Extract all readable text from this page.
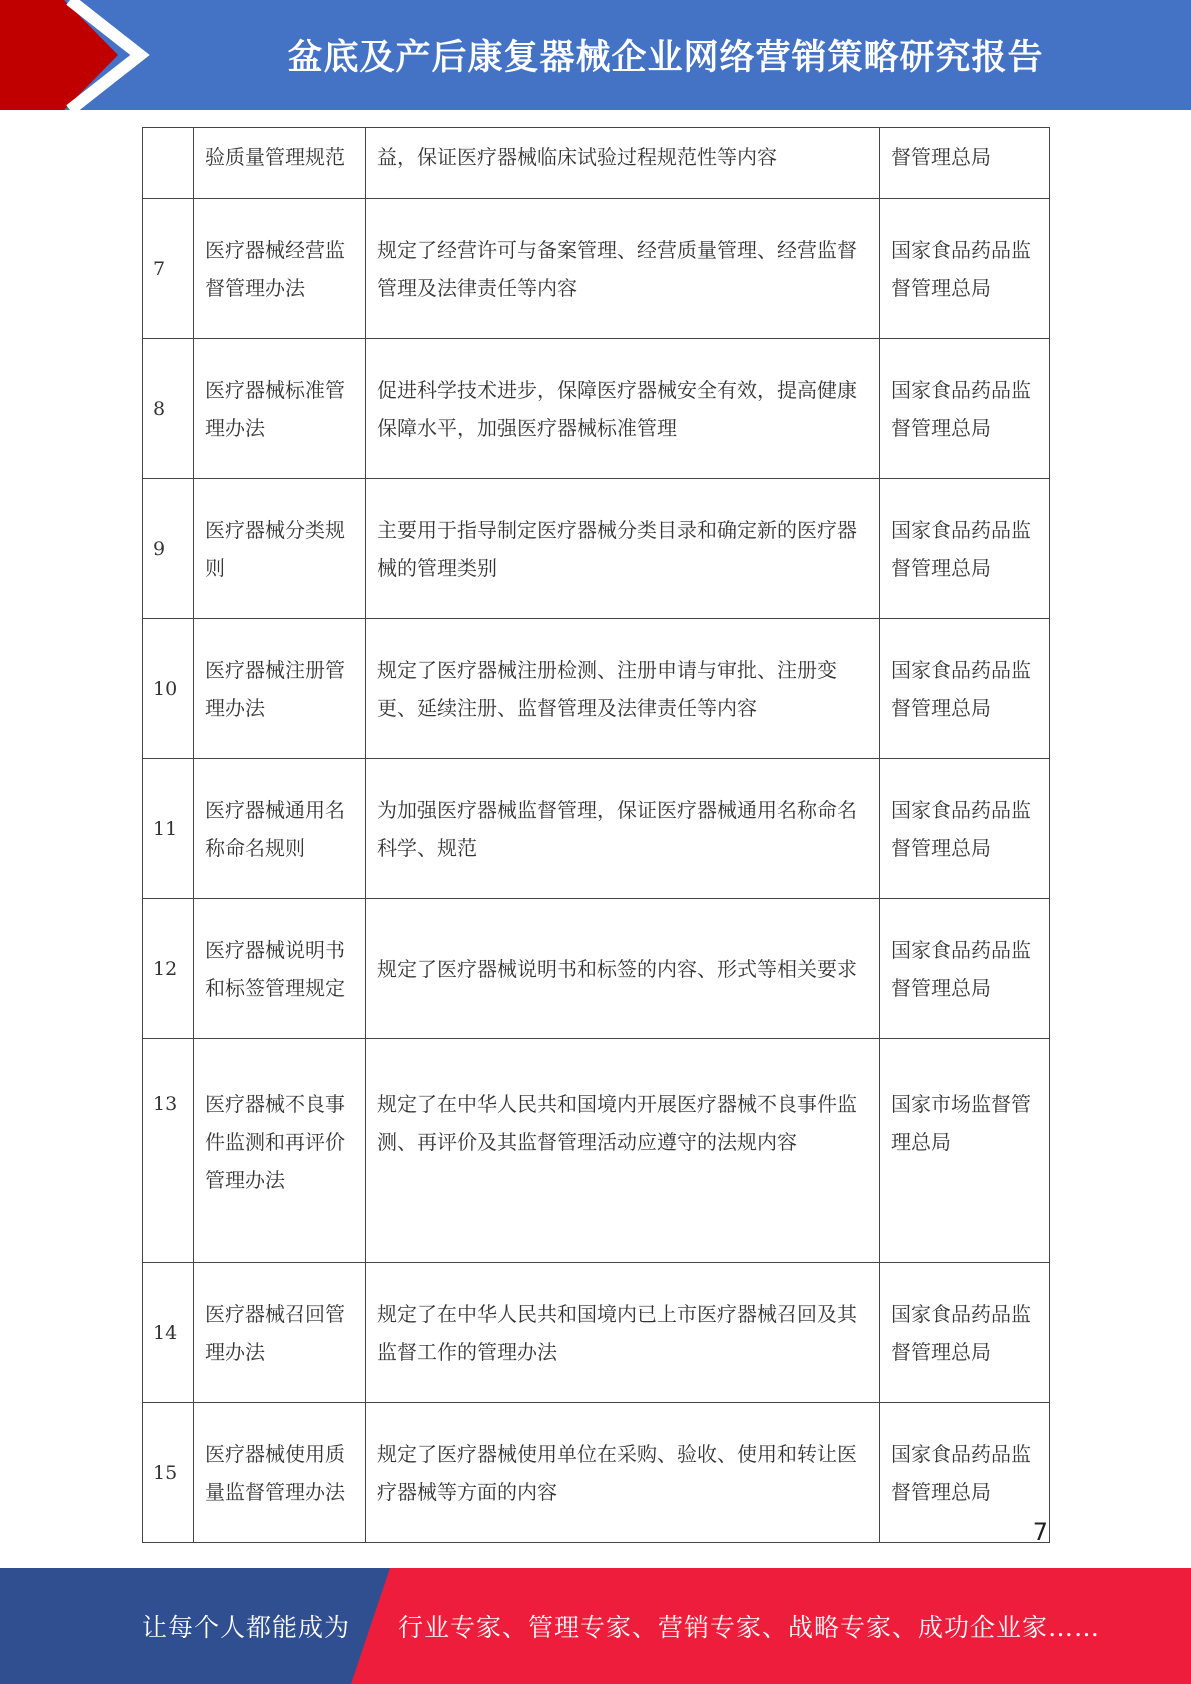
盆底及产后康复器械企业网络营销策略研究报告
	验质量管理规范	益，保证医疗器械临床试验过程规范性等内容	督管理总局
7	医疗器械经营监督管理办法	规定了经营许可与备案管理、经营质量管理、经营监督管理及法律责任等内容	国家食品药品监督管理总局
8	医疗器械标准管理办法	促进科学技术进步，保障医疗器械安全有效，提高健康保障水平，加强医疗器械标准管理	国家食品药品监督管理总局
9	医疗器械分类规则	主要用于指导制定医疗器械分类目录和确定新的医疗器械的管理类别	国家食品药品监督管理总局
10	医疗器械注册管理办法	规定了医疗器械注册检测、注册申请与审批、注册变更、延续注册、监督管理及法律责任等内容	国家食品药品监督管理总局
11	医疗器械通用名称命名规则	为加强医疗器械监督管理，保证医疗器械通用名称命名科学、规范	国家食品药品监督管理总局
12	医疗器械说明书和标签管理规定	规定了医疗器械说明书和标签的内容、形式等相关要求	国家食品药品监督管理总局
13	医疗器械不良事件监测和再评价管理办法	规定了在中华人民共和国境内开展医疗器械不良事件监测、再评价及其监督管理活动应遵守的法规内容	国家市场监督管理总局
14	医疗器械召回管理办法	规定了在中华人民共和国境内已上市医疗器械召回及其监督工作的管理办法	国家食品药品监督管理总局
15	医疗器械使用质量监督管理办法	规定了医疗器械使用单位在采购、验收、使用和转让医疗器械等方面的内容	国家食品药品监督管理总局
7
让每个人都能成为 行业专家、管理专家、营销专家、战略专家、成功企业家……
